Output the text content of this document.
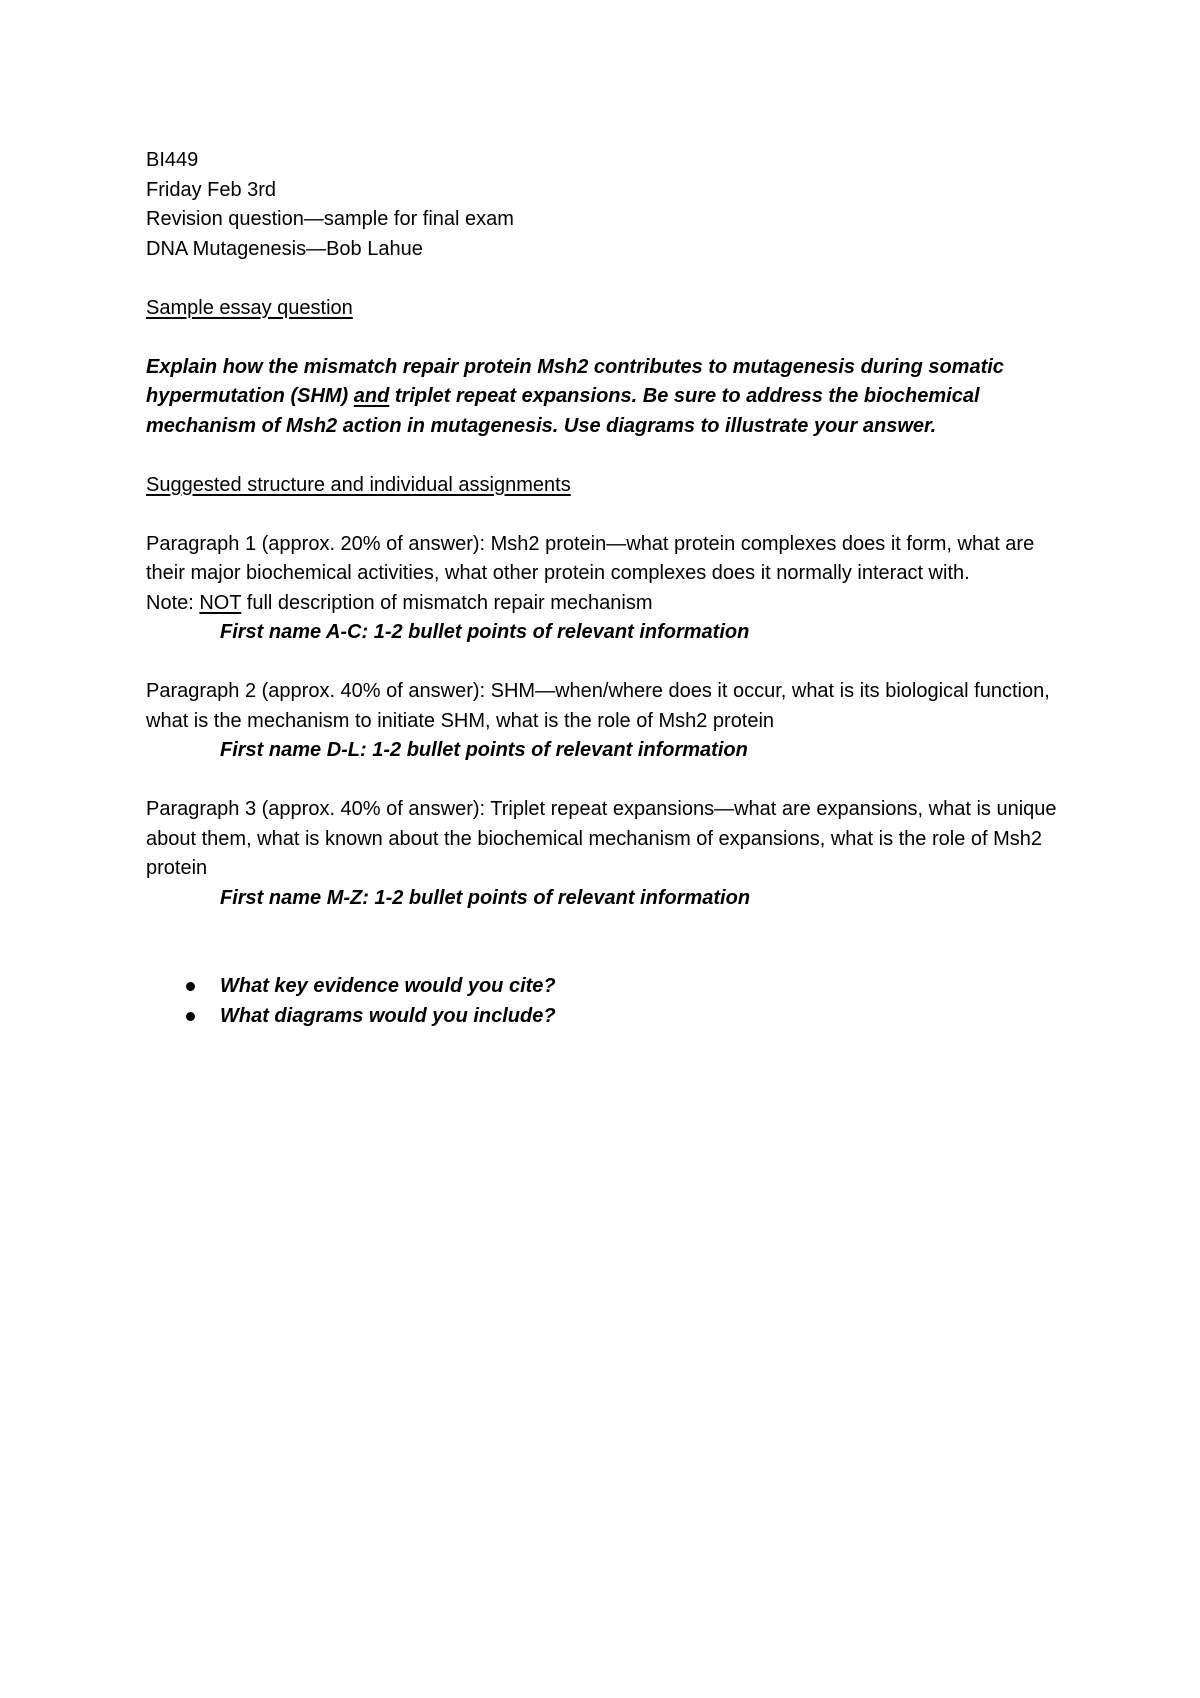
BI449
Friday Feb 3rd
Revision question—sample for final exam
DNA Mutagenesis—Bob Lahue
Sample essay question
Explain how the mismatch repair protein Msh2 contributes to mutagenesis during somatic hypermutation (SHM) and triplet repeat expansions. Be sure to address the biochemical mechanism of Msh2 action in mutagenesis. Use diagrams to illustrate your answer.
Suggested structure and individual assignments
Paragraph 1 (approx. 20% of answer): Msh2 protein—what protein complexes does it form, what are their major biochemical activities, what other protein complexes does it normally interact with.
Note: NOT full description of mismatch repair mechanism
First name A-C: 1-2 bullet points of relevant information
Paragraph 2 (approx. 40% of answer): SHM—when/where does it occur, what is its biological function, what is the mechanism to initiate SHM, what is the role of Msh2 protein
First name D-L: 1-2 bullet points of relevant information
Paragraph 3 (approx. 40% of answer): Triplet repeat expansions—what are expansions, what is unique about them, what is known about the biochemical mechanism of expansions, what is the role of Msh2 protein
First name M-Z: 1-2 bullet points of relevant information
What key evidence would you cite?
What diagrams would you include?
